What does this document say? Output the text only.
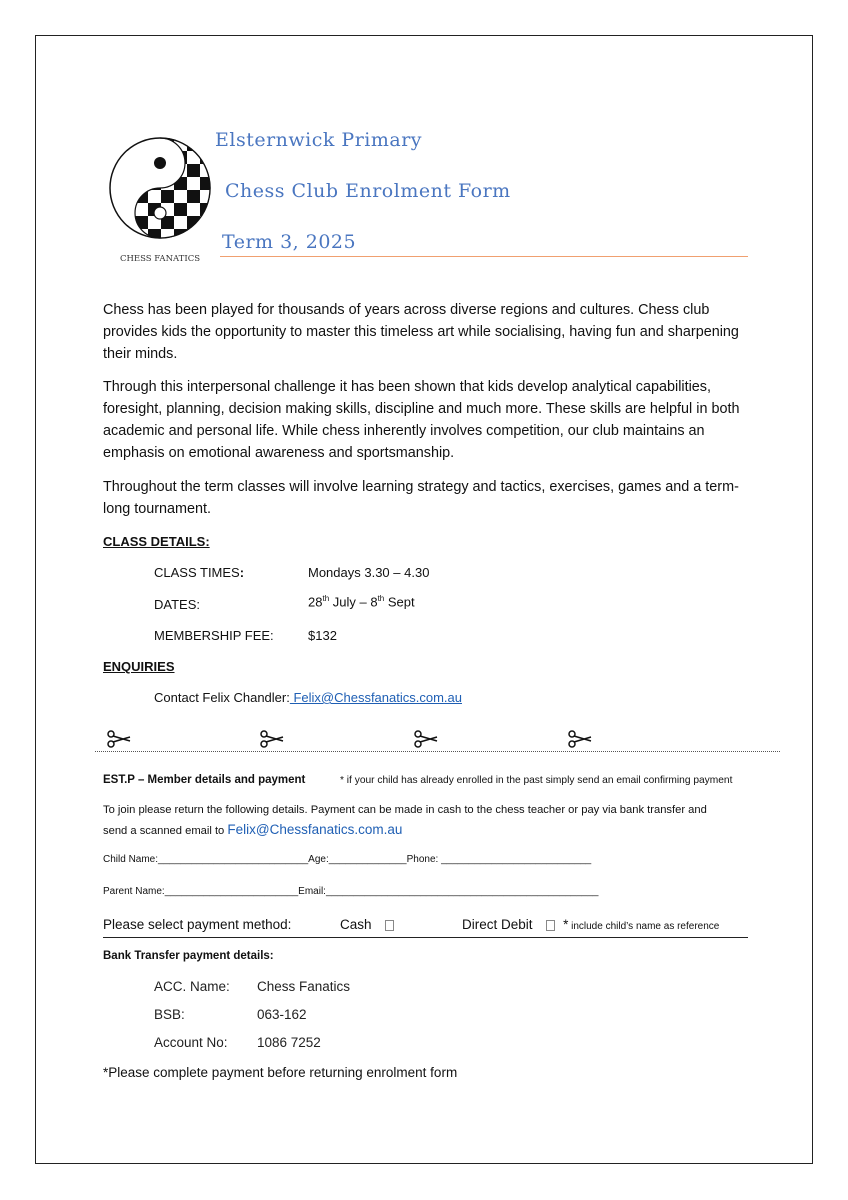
CHESS FANATICS
Elsternwick Primary
Chess Club Enrolment Form
Term 3, 2025
Chess has been played for thousands of years across diverse regions and cultures. Chess club provides kids the opportunity to master this timeless art while socialising, having fun and sharpening their minds.
Through this interpersonal challenge it has been shown that kids develop analytical capabilities, foresight, planning, decision making skills, discipline and much more. These skills are helpful in both academic and personal life. While chess inherently involves competition, our club maintains an emphasis on emotional awareness and sportsmanship.
Throughout the term classes will involve learning strategy and tactics, exercises, games and a term-long tournament.
CLASS DETAILS:
CLASS TIMES:	Mondays 3.30 – 4.30
DATES:	28th July – 8th Sept
MEMBERSHIP FEE:	$132
ENQUIRIES
Contact Felix Chandler: Felix@Chessfanatics.com.au
EST.P – Member details and payment	* if your child has already enrolled in the past simply send an email confirming payment
To join please return the following details. Payment can be made in cash to the chess teacher or pay via bank transfer and
send a scanned email to Felix@Chessfanatics.com.au
Child Name:___________________________Age:______________Phone: ___________________________
Parent Name:________________________Email:_________________________________________________
Please select payment method:	Cash	Direct Debit * include child’s name as reference
Bank Transfer payment details:
ACC. Name: Chess Fanatics
BSB:	063-162
Account No: 1086 7252
*Please complete payment before returning enrolment form
